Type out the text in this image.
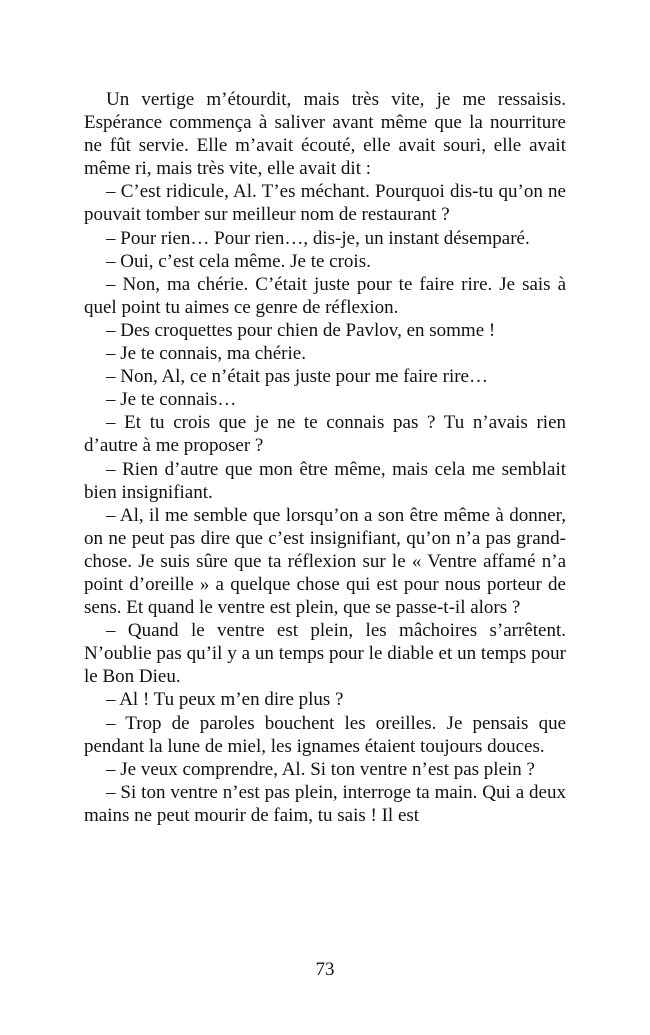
Un vertige m’étourdit, mais très vite, je me ressaisis. Espérance commença à saliver avant même que la nourriture ne fût servie. Elle m’avait écouté, elle avait souri, elle avait même ri, mais très vite, elle avait dit :

– C’est ridicule, Al. T’es méchant. Pourquoi dis-tu qu’on ne pouvait tomber sur meilleur nom de restaurant ?

– Pour rien… Pour rien…, dis-je, un instant désemparé.

– Oui, c’est cela même. Je te crois.

– Non, ma chérie. C’était juste pour te faire rire. Je sais à quel point tu aimes ce genre de réflexion.

– Des croquettes pour chien de Pavlov, en somme !

– Je te connais, ma chérie.

– Non, Al, ce n’était pas juste pour me faire rire…

– Je te connais…

– Et tu crois que je ne te connais pas ? Tu n’avais rien d’autre à me proposer ?

– Rien d’autre que mon être même, mais cela me semblait bien insignifiant.

– Al, il me semble que lorsqu’on a son être même à donner, on ne peut pas dire que c’est insignifiant, qu’on n’a pas grand-chose. Je suis sûre que ta réflexion sur le « Ventre affamé n’a point d’oreille » a quelque chose qui est pour nous porteur de sens. Et quand le ventre est plein, que se passe-t-il alors ?

– Quand le ventre est plein, les mâchoires s’arrêtent. N’oublie pas qu’il y a un temps pour le diable et un temps pour le Bon Dieu.

– Al ! Tu peux m’en dire plus ?

– Trop de paroles bouchent les oreilles. Je pensais que pendant la lune de miel, les ignames étaient toujours douces.

– Je veux comprendre, Al. Si ton ventre n’est pas plein ?

– Si ton ventre n’est pas plein, interroge ta main. Qui a deux mains ne peut mourir de faim, tu sais ! Il est

73
